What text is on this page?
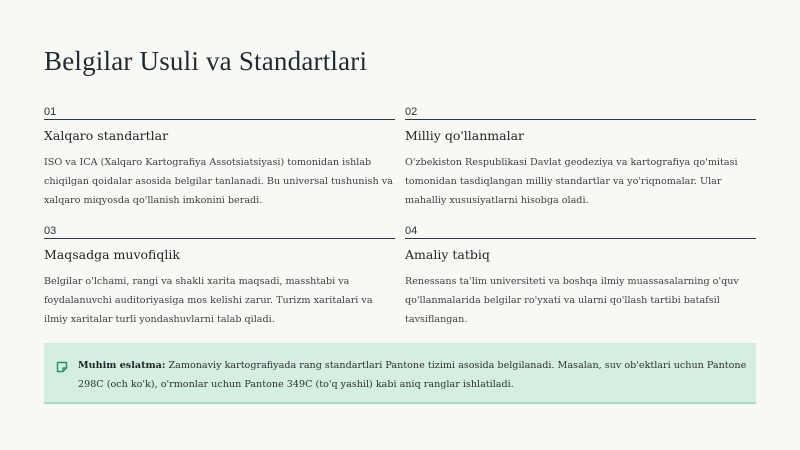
Belgilar Usuli va Standartlari
01
Xalqaro standartlar
ISO va ICA (Xalqaro Kartografiya Assotsiatsiyasi) tomonidan ishlab chiqilgan qoidalar asosida belgilar tanlanadi. Bu universal tushunish va xalqaro miqyosda qo'llanish imkonini beradi.
02
Milliy qo'llanmalar
O'zbekiston Respublikasi Davlat geodeziya va kartografiya qo'mitasi tomonidan tasdiqlangan milliy standartlar va yo'riqnomalar. Ular mahalliy xususiyatlarni hisobga oladi.
03
Maqsadga muvofiqlik
Belgilar o'lchami, rangi va shakli xarita maqsadi, masshtabi va foydalanuvchi auditoriyasiga mos kelishi zarur. Turizm xaritalari va ilmiy xaritalar turli yondashuvlarni talab qiladi.
04
Amaliy tatbiq
Renessans ta'lim universiteti va boshqa ilmiy muassasalarning o'quv qo'llanmalarida belgilar ro'yxati va ularni qo'llash tartibi batafsil tavsiflangan.
Muhim eslatma: Zamonaviy kartografiyada rang standartlari Pantone tizimi asosida belgilanadi. Masalan, suv ob'ektlari uchun Pantone 298C (och ko'k), o'rmonlar uchun Pantone 349C (to'q yashil) kabi aniq ranglar ishlatiladi.
